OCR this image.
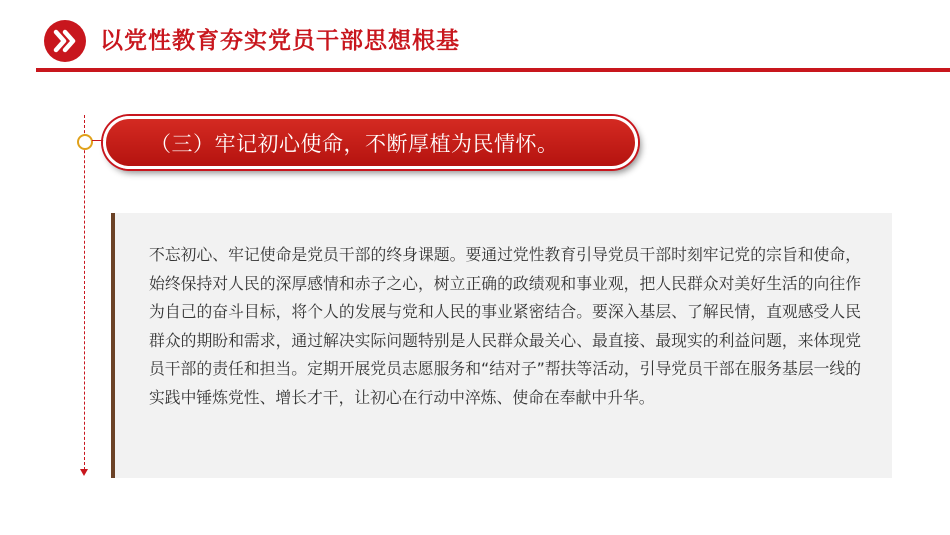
以党性教育夯实党员干部思想根基
（三）牢记初心使命，不断厚植为民情怀。

不忘初心、牢记使命是党员干部的终身课题。要通过党性教育引导党员干部时刻牢记党的宗旨和使命，始终保持对人民的深厚感情和赤子之心，树立正确的政绩观和事业观，把人民群众对美好生活的向往作为自己的奋斗目标，将个人的发展与党和人民的事业紧密结合。要深入基层、了解民情，直观感受人民群众的期盼和需求，通过解决实际问题特别是人民群众最关心、最直接、最现实的利益问题，来体现党员干部的责任和担当。定期开展党员志愿服务和“结对子”帮扶等活动，引导党员干部在服务基层一线的实践中锤炼党性、增长才干，让初心在行动中淬炼、使命在奉献中升华。
